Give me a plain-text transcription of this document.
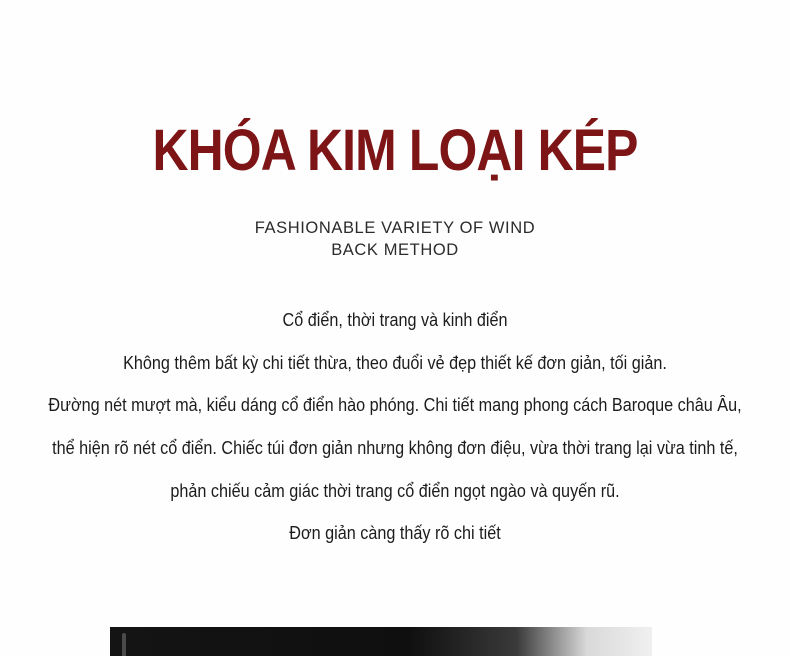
KHÓA KIM LOẠI KÉP
FASHIONABLE VARIETY OF WIND
BACK METHOD
Cổ điển, thời trang và kinh điển
Không thêm bất kỳ chi tiết thừa, theo đuổi vẻ đẹp thiết kế đơn giản, tối giản.
Đường nét mượt mà, kiểu dáng cổ điển hào phóng. Chi tiết mang phong cách Baroque châu Âu,
thể hiện rõ nét cổ điển. Chiếc túi đơn giản nhưng không đơn điệu, vừa thời trang lại vừa tinh tế,
phản chiếu cảm giác thời trang cổ điển ngọt ngào và quyến rũ.
Đơn giản càng thấy rõ chi tiết
